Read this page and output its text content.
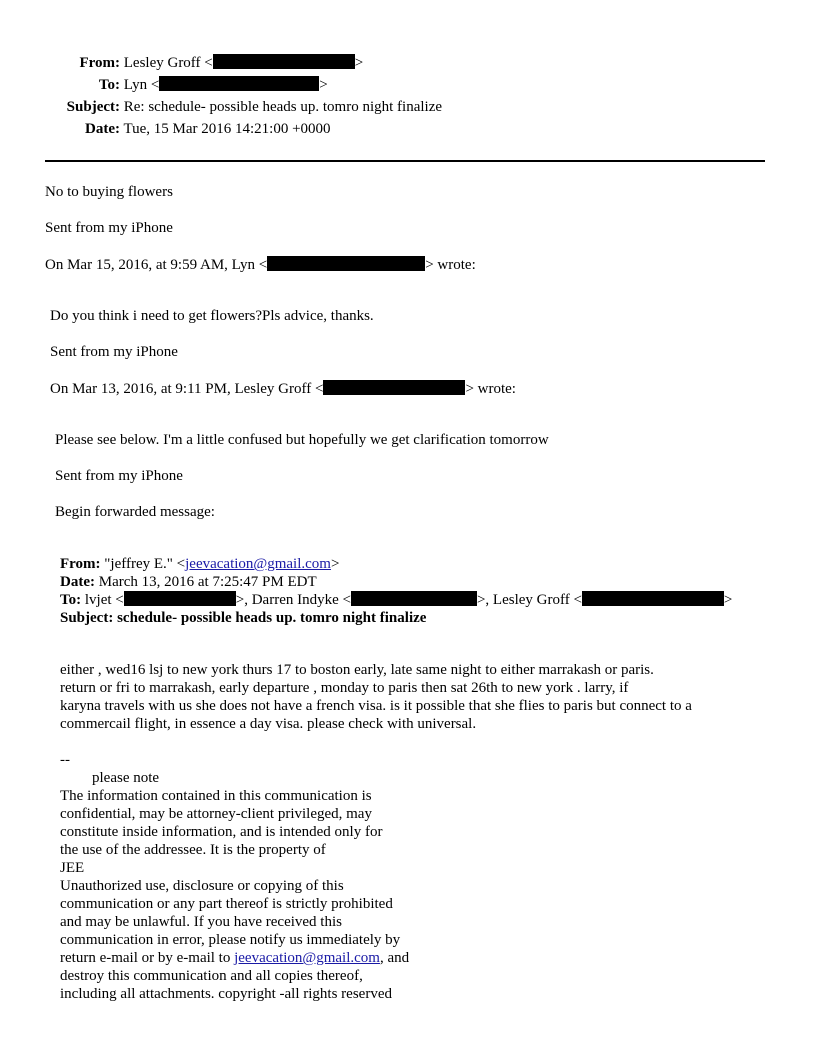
From: Lesley Groff <	>
To: Lyn <	>
Subject: Re: schedule- possible heads up. tomro night finalize
Date: Tue, 15 Mar 2016 14:21:00 +0000
No to buying flowers
Sent from my iPhone
On Mar 15, 2016, at 9:59 AM, Lyn <	> wrote:
Do you think i need to get flowers?Pls advice, thanks.
Sent from my iPhone
On Mar 13, 2016, at 9:11 PM, Lesley Groff <	> wrote:
Please see below. I'm a little confused but hopefully we get clarification tomorrow
Sent from my iPhone
Begin forwarded message:
From: "jeffrey E." <jeevacation@gmail.com>
Date: March 13, 2016 at 7:25:47 PM EDT
To: lvjet <	>, Darren Indyke <	>, Lesley Groff <	>
Subject: schedule- possible heads up. tomro night finalize
either , wed16 lsj to new york thurs 17 to boston early, late same night to either marrakash or paris.
return or fri to marrakash, early departure , monday to paris then sat 26th to new york . larry, if
karyna travels with us she does not have a french visa. is it possible that she flies to paris but connect to a
commercail flight, in essence a day visa. please check with universal.
--
please note
The information contained in this communication is
confidential, may be attorney-client privileged, may
constitute inside information, and is intended only for
the use of the addressee. It is the property of
JEE
Unauthorized use, disclosure or copying of this
communication or any part thereof is strictly prohibited
and may be unlawful. If you have received this
communication in error, please notify us immediately by
return e-mail or by e-mail to jeevacation@gmail.com, and
destroy this communication and all copies thereof,
including all attachments. copyright -all rights reserved
